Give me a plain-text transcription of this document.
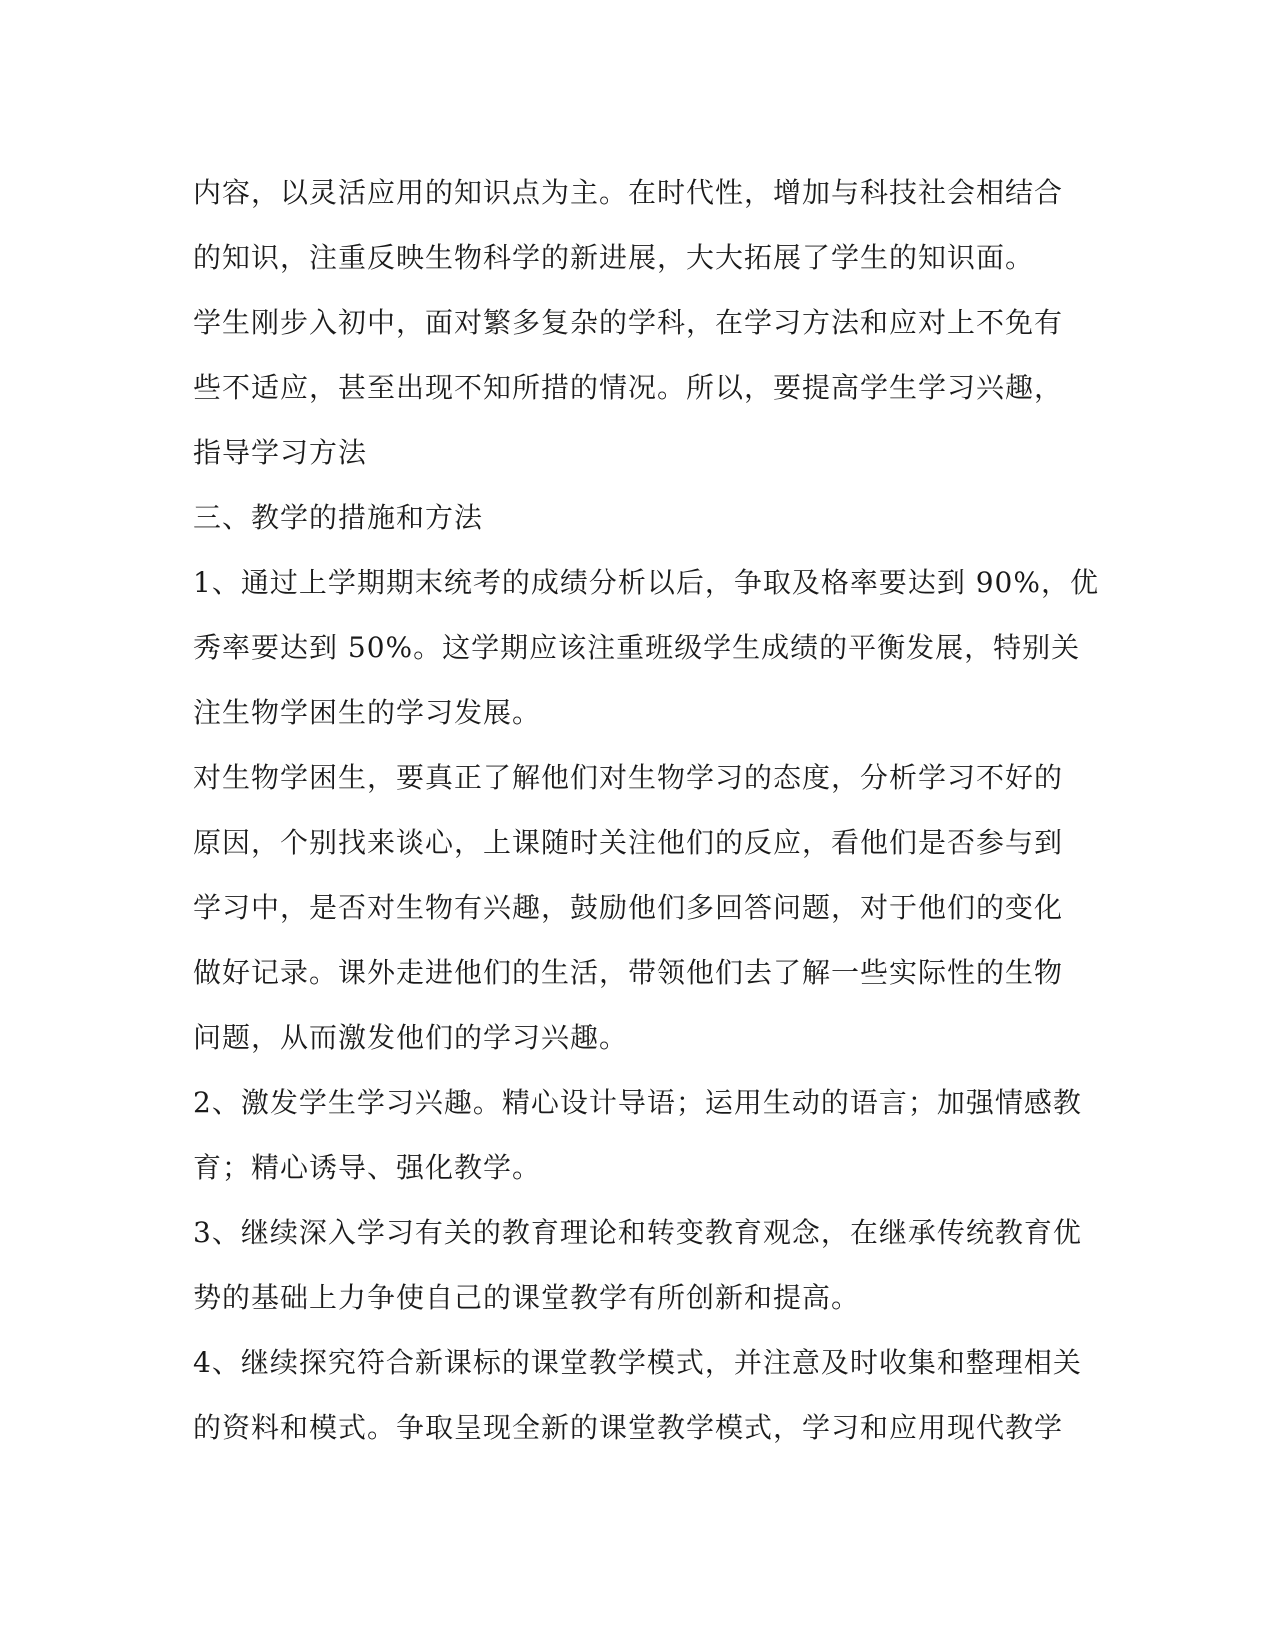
内容，以灵活应用的知识点为主。在时代性，增加与科技社会相结合
的知识，注重反映生物科学的新进展，大大拓展了学生的知识面。
学生刚步入初中，面对繁多复杂的学科，在学习方法和应对上不免有
些不适应，甚至出现不知所措的情况。所以，要提高学生学习兴趣，
指导学习方法
三、教学的措施和方法
1、通过上学期期末统考的成绩分析以后，争取及格率要达到 90%，优
秀率要达到 50%。这学期应该注重班级学生成绩的平衡发展，特别关
注生物学困生的学习发展。
对生物学困生，要真正了解他们对生物学习的态度，分析学习不好的
原因，个别找来谈心，上课随时关注他们的反应，看他们是否参与到
学习中，是否对生物有兴趣，鼓励他们多回答问题，对于他们的变化
做好记录。课外走进他们的生活，带领他们去了解一些实际性的生物
问题，从而激发他们的学习兴趣。
2、激发学生学习兴趣。精心设计导语；运用生动的语言；加强情感教
育；精心诱导、强化教学。
3、继续深入学习有关的教育理论和转变教育观念，在继承传统教育优
势的基础上力争使自己的课堂教学有所创新和提高。
4、继续探究符合新课标的课堂教学模式，并注意及时收集和整理相关
的资料和模式。争取呈现全新的课堂教学模式，学习和应用现代教学
